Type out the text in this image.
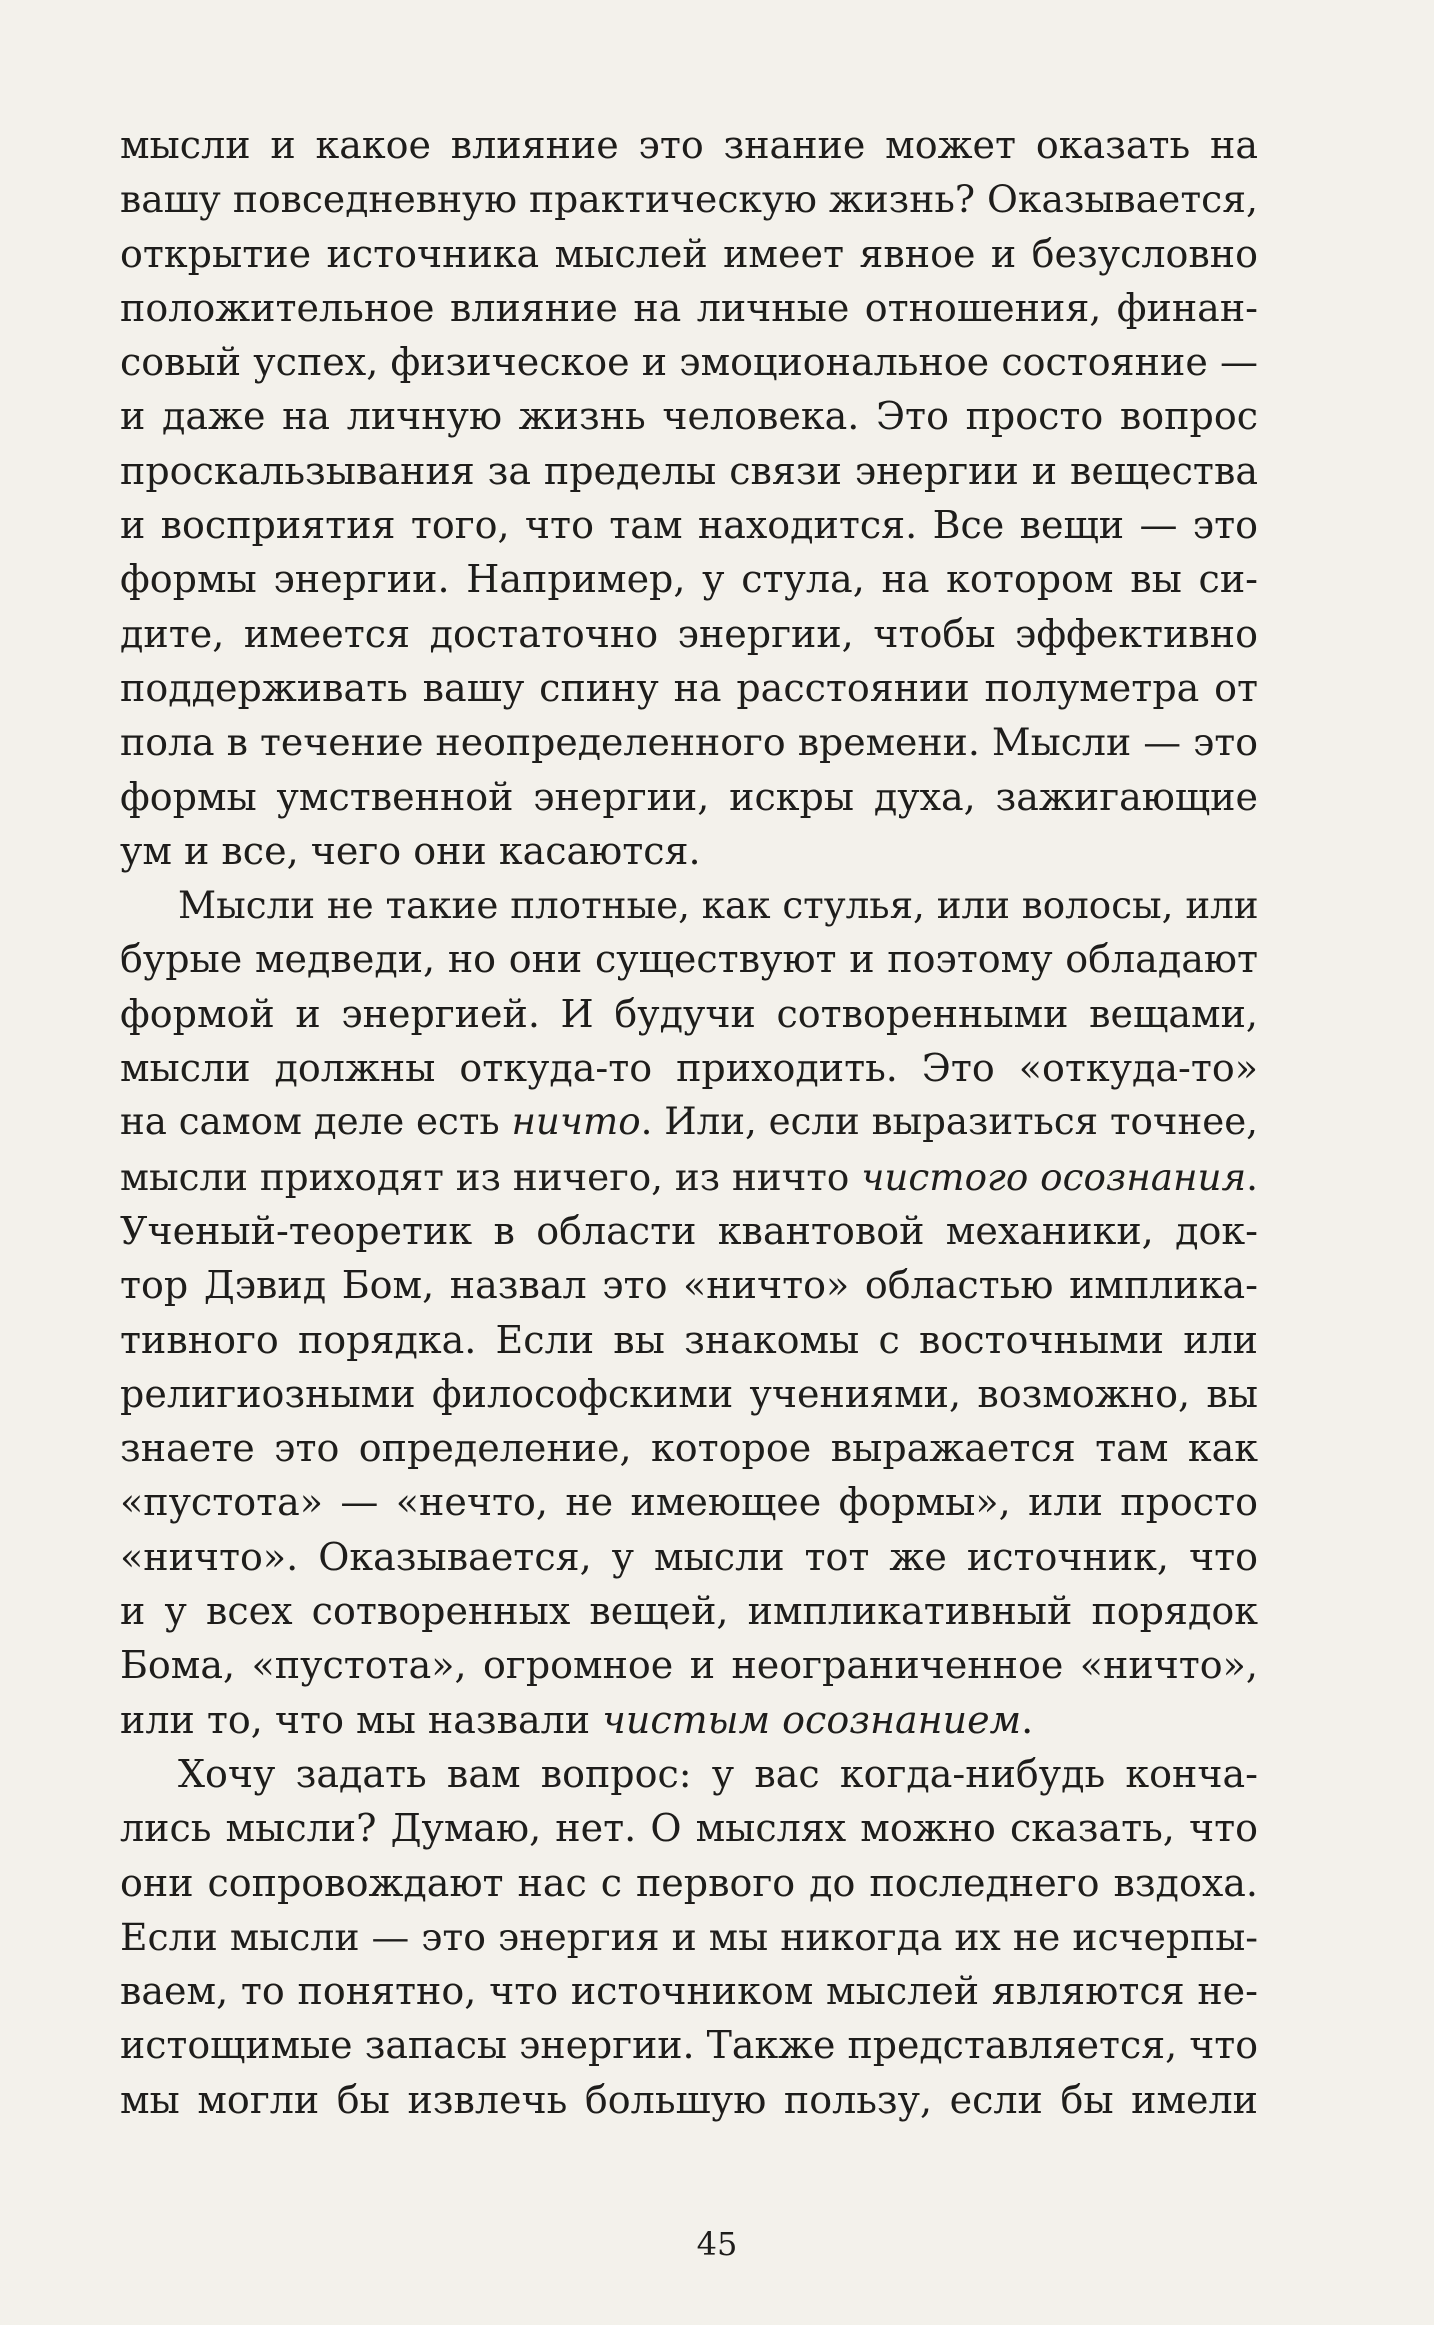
мысли и какое влияние это знание может оказать на
вашу повседневную практическую жизнь? Оказывается,
открытие источника мыслей имеет явное и безусловно
положительное влияние на личные отношения, финан-
совый успех, физическое и эмоциональное состояние —
и даже на личную жизнь человека. Это просто вопрос
проскальзывания за пределы связи энергии и вещества
и восприятия того, что там находится. Все вещи — это
формы энергии. Например, у стула, на котором вы си-
дите, имеется достаточно энергии, чтобы эффективно
поддерживать вашу спину на расстоянии полуметра от
пола в течение неопределенного времени. Мысли — это
формы умственной энергии, искры духа, зажигающие
ум и все, чего они касаются.
Мысли не такие плотные, как стулья, или волосы, или
бурые медведи, но они существуют и поэтому обладают
формой и энергией. И будучи сотворенными вещами,
мысли должны откуда-то приходить. Это «откуда-то»
на самом деле есть ничто. Или, если выразиться точнее,
мысли приходят из ничего, из ничто чистого осознания.
Ученый-теоретик в области квантовой механики, док-
тор Дэвид Бом, назвал это «ничто» областью импликa-
тивного порядка. Если вы знакомы с восточными или
религиозными философскими учениями, возможно, вы
знаете это определение, которое выражается там как
«пустота» — «нечто, не имеющее формы», или просто
«ничто». Оказывается, у мысли тот же источник, что
и у всех сотворенных вещей, импликативный порядок
Бома, «пустота», огромное и неограниченное «ничто»,
или то, что мы назвали чистым осознанием.
Хочу задать вам вопрос: у вас когда-нибудь конча-
лись мысли? Думаю, нет. О мыслях можно сказать, что
они сопровождают нас с первого до последнего вздоха.
Если мысли — это энергия и мы никогда их не исчерпы-
ваем, то понятно, что источником мыслей являются не-
истощимые запасы энергии. Также представляется, что
мы могли бы извлечь большую пользу, если бы имели
45
